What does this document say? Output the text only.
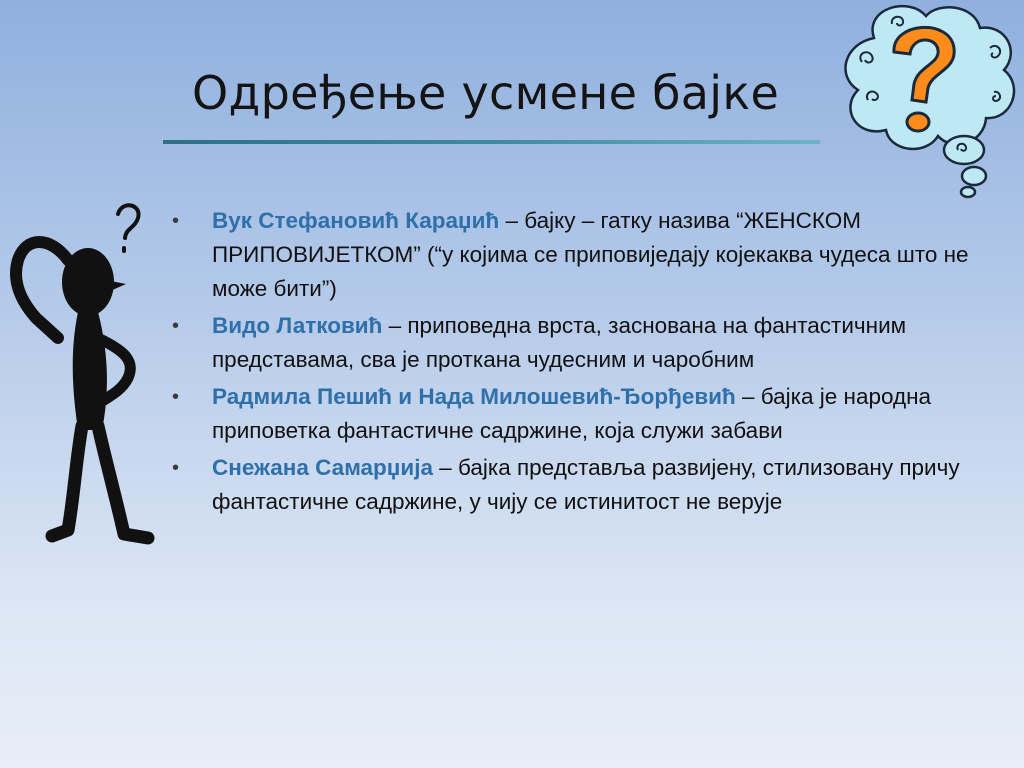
Одређење усмене бајке
• Вук Стефановић Караџић – бајку – гатку назива “ЖЕНСКОМ ПРИПОВИЈЕТКОМ” (“у којима се приповиједају којекаква чудеса што не може бити”)
• Видо Латковић – приповедна врста, заснована на фантастичним представама, сва је проткана чудесним и чаробним
• Радмила Пешић и Нада Милошевић-Ђорђевић – бајка је народна приповетка фантастичне садржине, која служи забави
• Снежана Самарџија – бајка представља развијену, стилизовану причу фантастичне садржине, у чију се истинитост не верује
